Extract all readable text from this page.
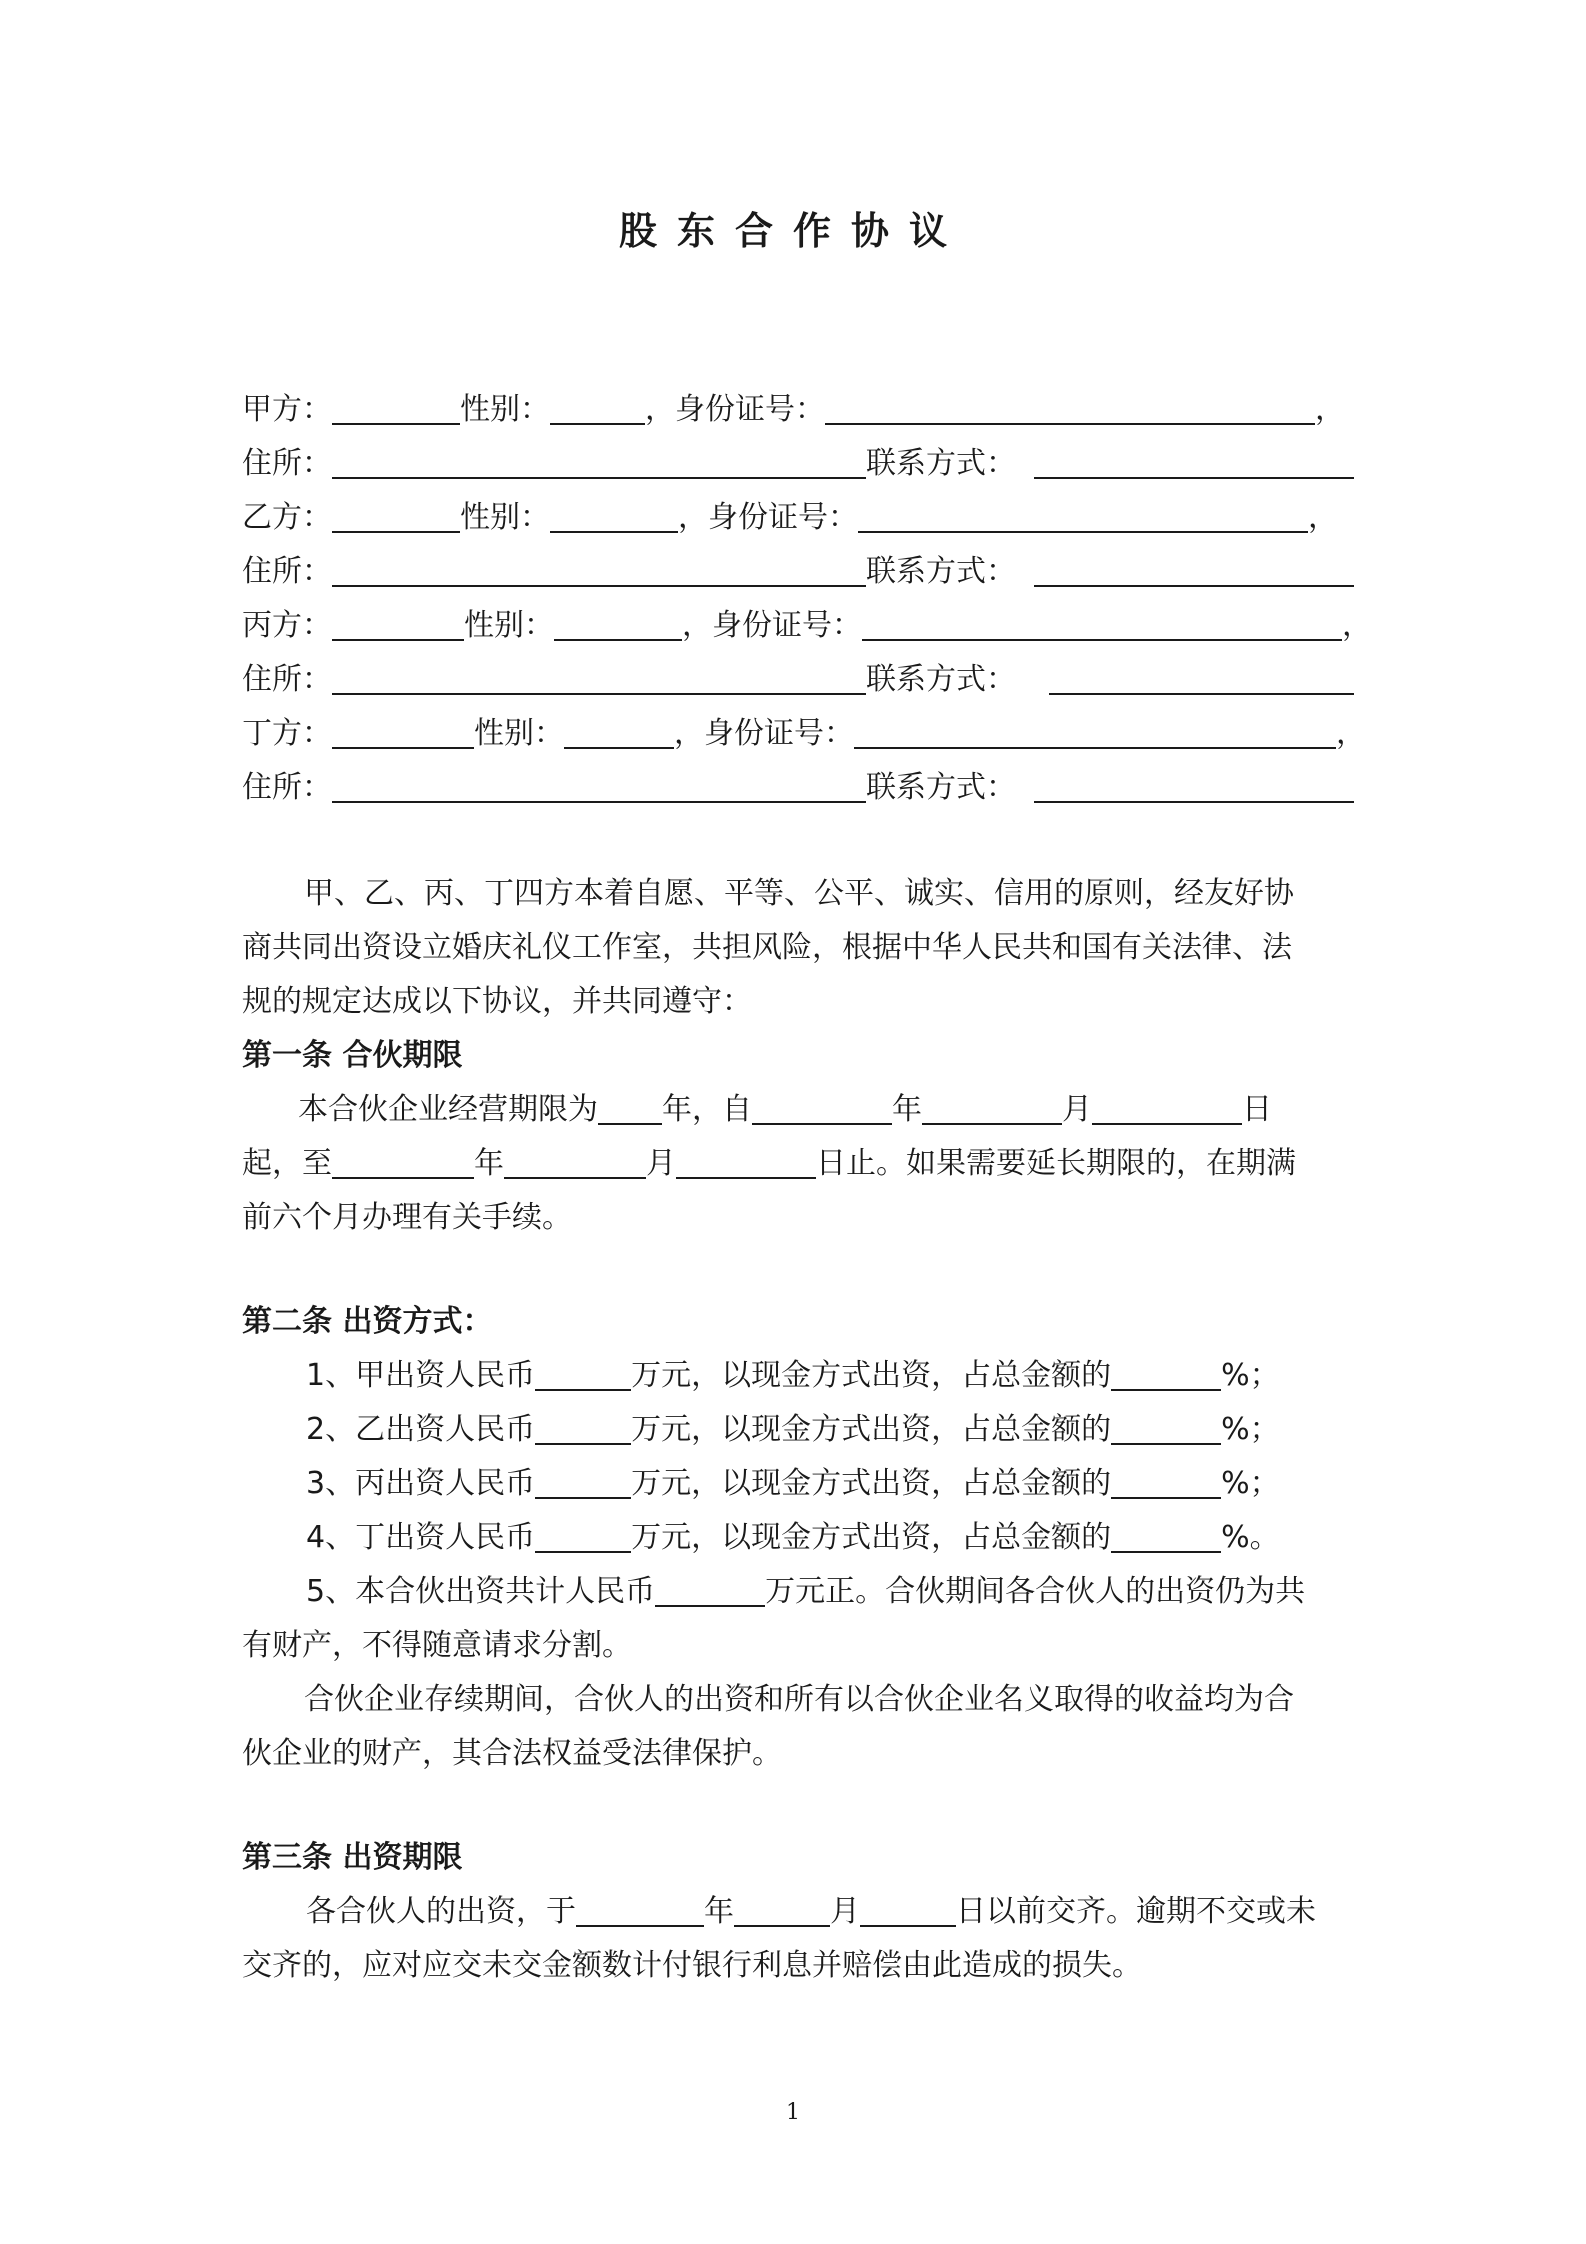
股东合作协议
甲方：	性别：	，身份证号：	，
住所：	联系方式：
乙方：	性别：	，身份证号：	，
住所：	联系方式：
丙方：	性别：	，身份证号：	，
住所：	联系方式：
丁方：	性别：	，身份证号：	，
住所：	联系方式：
甲、乙、丙、丁四方本着自愿、平等、公平、诚实、信用的原则，经友好协
商共同出资设立婚庆礼仪工作室，共担风险，根据中华人民共和国有关法律、法
规的规定达成以下协议，并共同遵守：
第一条 合伙期限
本合伙企业经营期限为 年，自	年	月	日
起，至	年	月	日止。如果需要延长期限的，在期满
前六个月办理有关手续。
第二条 出资方式：
1、甲出资人民币	万元，以现金方式出资，占总金额的	%；
2、乙出资人民币	万元，以现金方式出资，占总金额的	%；
3、丙出资人民币	万元，以现金方式出资，占总金额的	%；
4、丁出资人民币	万元，以现金方式出资，占总金额的	%。
5、本合伙出资共计人民币	万元正。合伙期间各合伙人的出资仍为共
有财产，不得随意请求分割。
合伙企业存续期间，合伙人的出资和所有以合伙企业名义取得的收益均为合
伙企业的财产，其合法权益受法律保护。
第三条 出资期限
各合伙人的出资，于	年	月	日以前交齐。逾期不交或未
交齐的，应对应交未交金额数计付银行利息并赔偿由此造成的损失。
1
